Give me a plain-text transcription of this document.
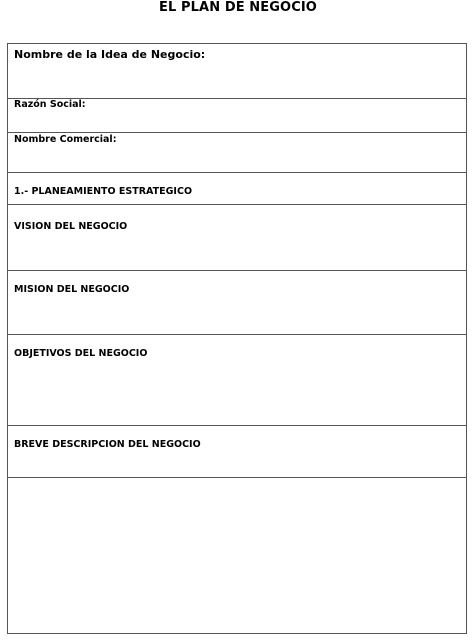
EL PLAN DE NEGOCIO
Nombre de la Idea de Negocio:
Razón Social:
Nombre Comercial:
1.- PLANEAMIENTO ESTRATEGICO
VISION DEL NEGOCIO
MISION DEL NEGOCIO
OBJETIVOS DEL NEGOCIO
BREVE DESCRIPCION DEL NEGOCIO
